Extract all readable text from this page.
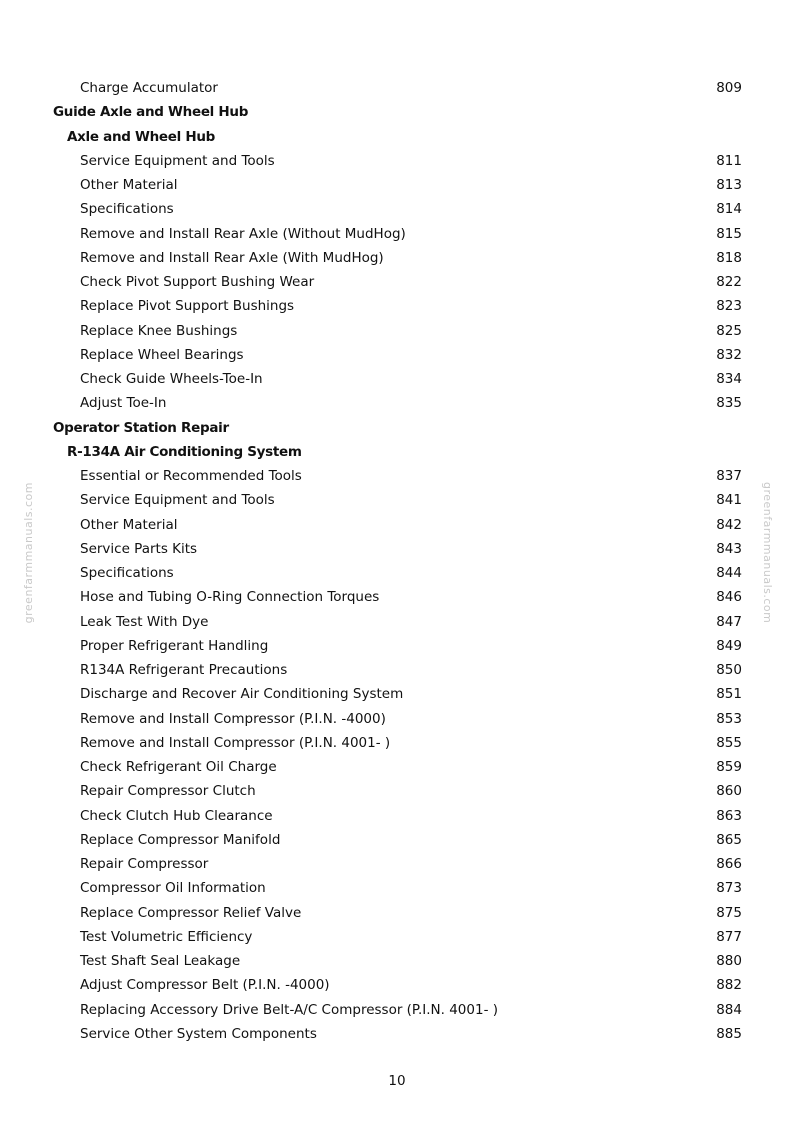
Charge Accumulator	809
Guide Axle and Wheel Hub
Axle and Wheel Hub
Service Equipment and Tools	811
Other Material	813
Specifications	814
Remove and Install Rear Axle (Without MudHog)	815
Remove and Install Rear Axle (With MudHog)	818
Check Pivot Support Bushing Wear	822
Replace Pivot Support Bushings	823
Replace Knee Bushings	825
Replace Wheel Bearings	832
Check Guide Wheels-Toe-In	834
Adjust Toe-In	835
Operator Station Repair
R-134A Air Conditioning System
Essential or Recommended Tools	837
Service Equipment and Tools	841
Other Material	842
Service Parts Kits	843
Specifications	844
Hose and Tubing O-Ring Connection Torques	846
Leak Test With Dye	847
Proper Refrigerant Handling	849
R134A Refrigerant Precautions	850
Discharge and Recover Air Conditioning System	851
Remove and Install Compressor (P.I.N. -4000)	853
Remove and Install Compressor (P.I.N. 4001- )	855
Check Refrigerant Oil Charge	859
Repair Compressor Clutch	860
Check Clutch Hub Clearance	863
Replace Compressor Manifold	865
Repair Compressor	866
Compressor Oil Information	873
Replace Compressor Relief Valve	875
Test Volumetric Efficiency	877
Test Shaft Seal Leakage	880
Adjust Compressor Belt (P.I.N. -4000)	882
Replacing Accessory Drive Belt-A/C Compressor (P.I.N. 4001- )	884
Service Other System Components	885
greenfarmmanuals.com	greenfarmmanuals.com
10
